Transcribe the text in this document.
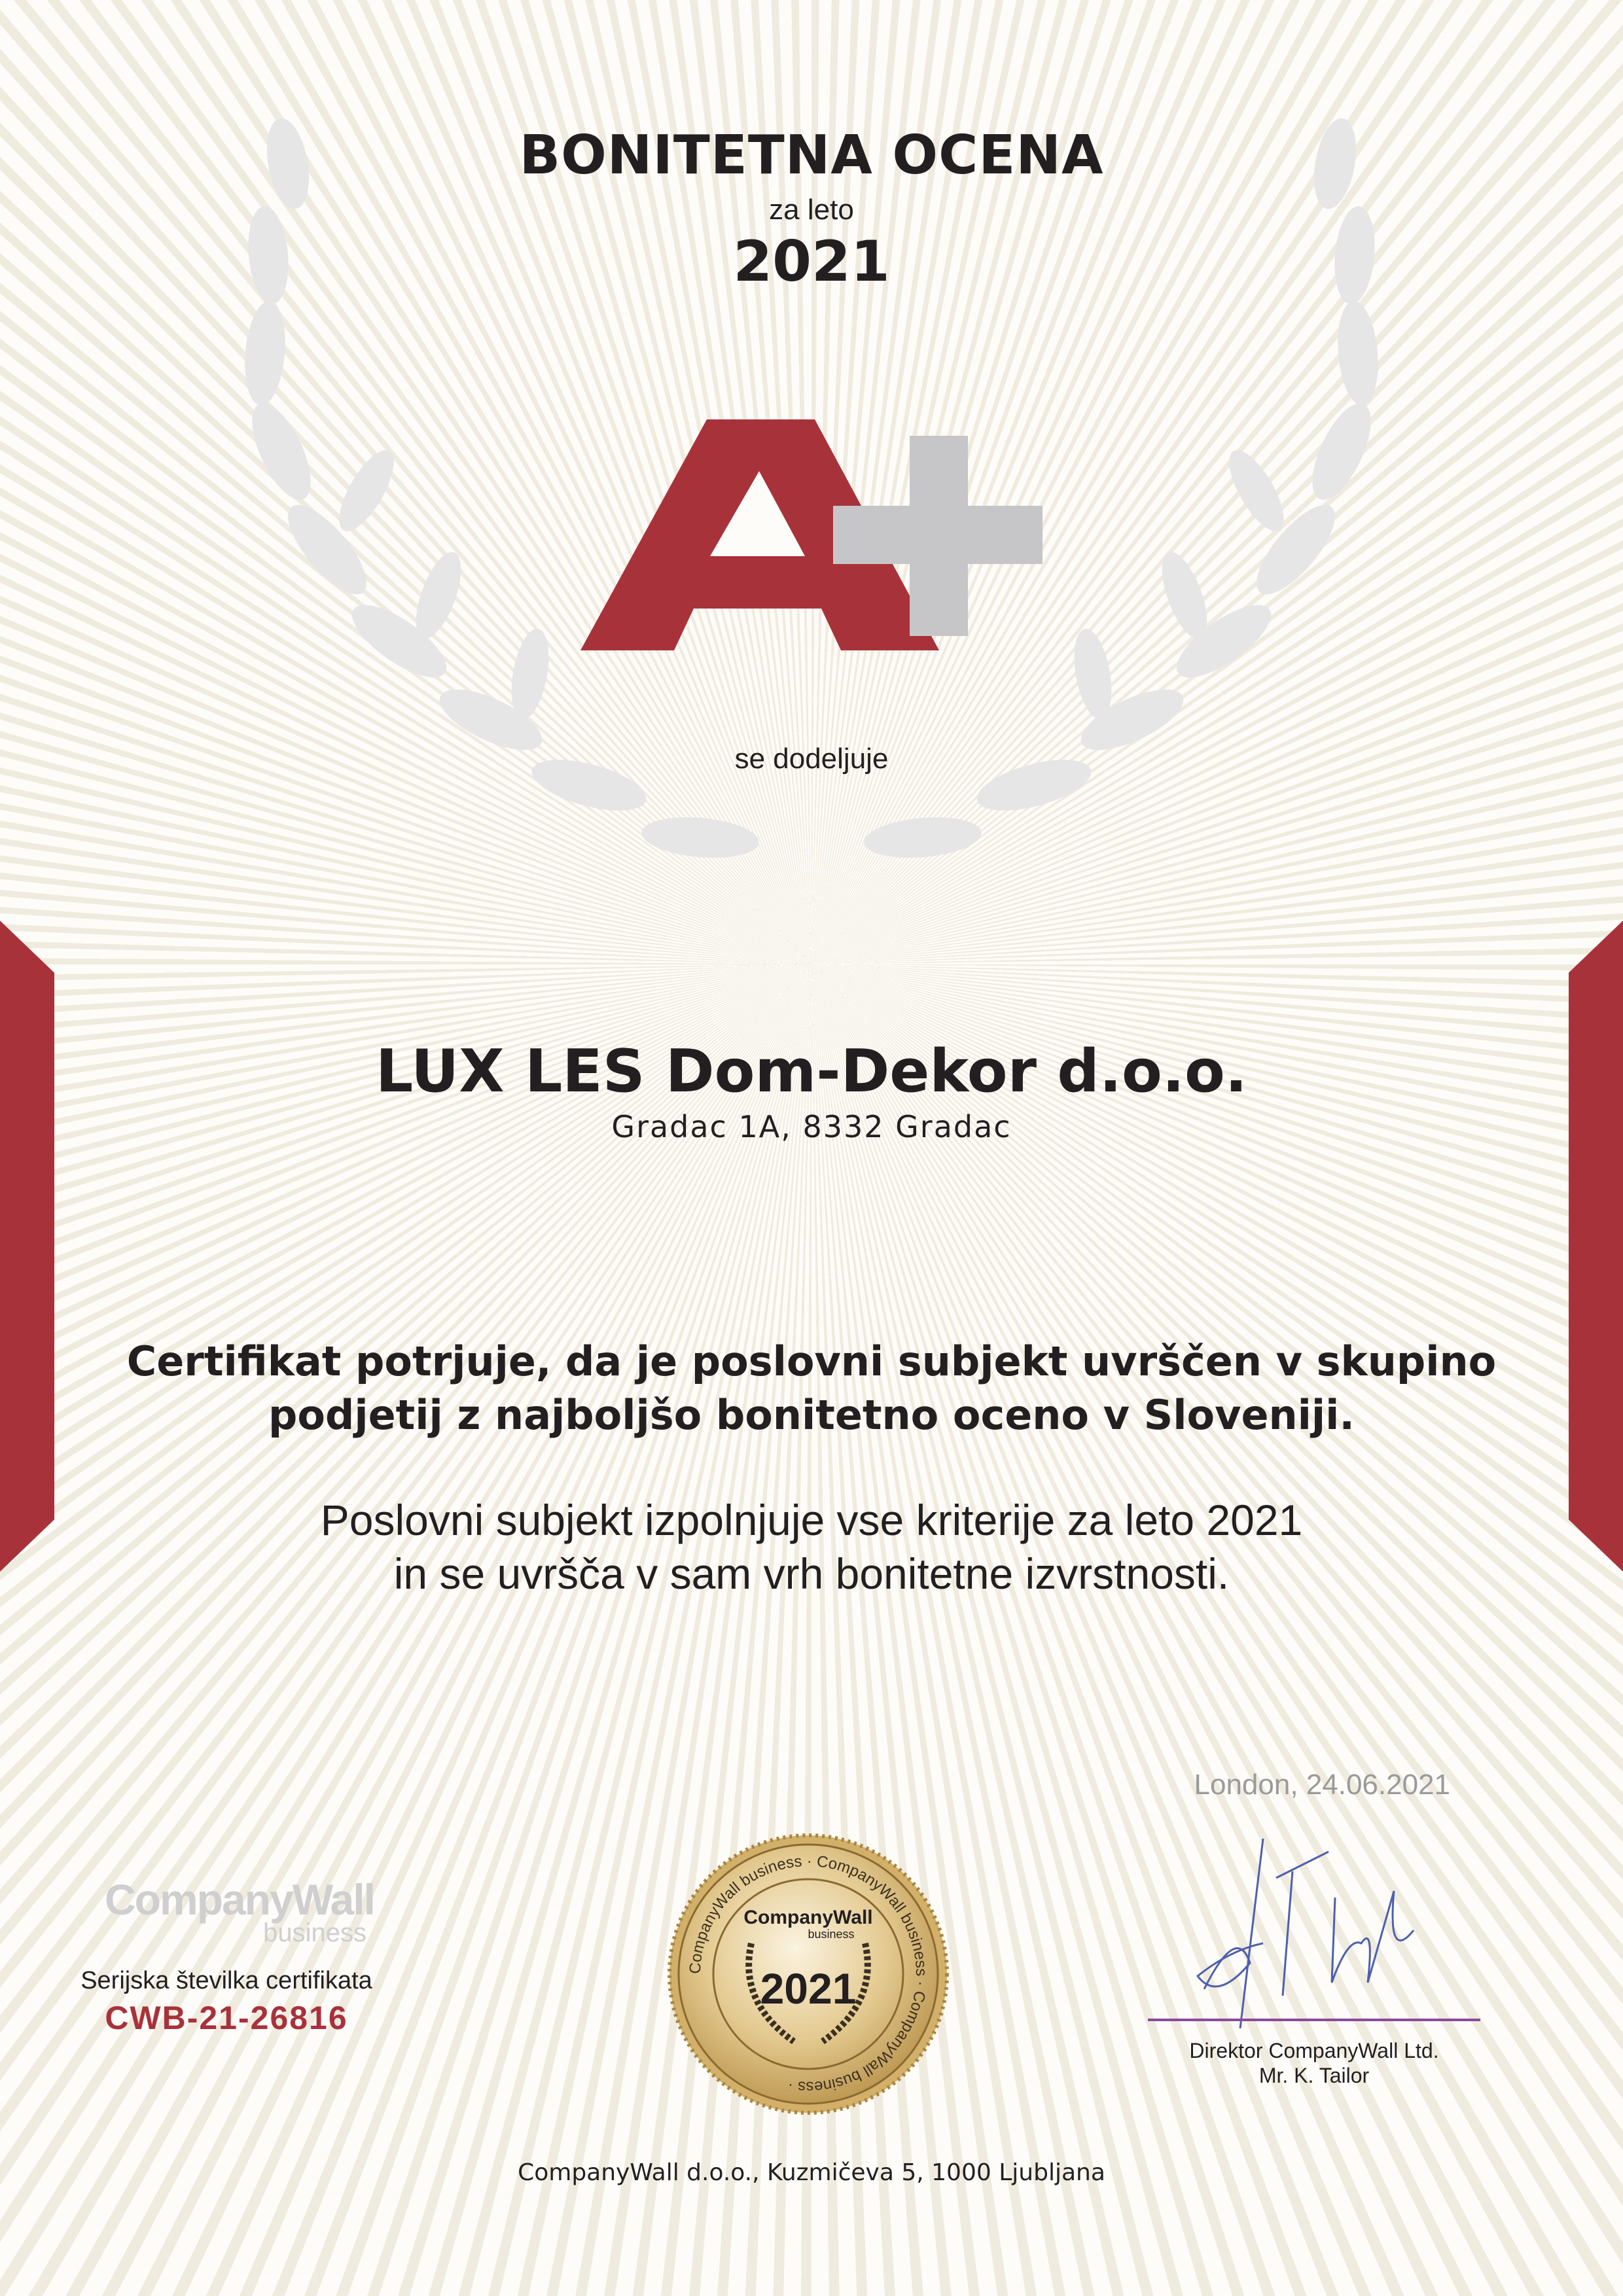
BONITETNA OCENA
za leto
2021
se dodeljuje
LUX LES Dom-Dekor d.o.o.
Gradac 1A, 8332 Gradac
Certifikat potrjuje, da je poslovni subjekt uvrščen v skupino
podjetij z najboljšo bonitetno oceno v Sloveniji.
Poslovni subjekt izpolnjuje vse kriterije za leto 2021
in se uvršča v sam vrh bonitetne izvrstnosti.
London, 24.06.2021
CompanyWall
business
Serijska številka certifikata
CWB-21-26816
CompanyWall business · CompanyWall business · CompanyWall business ·
CompanyWall
business
2021
Direktor CompanyWall Ltd.
Mr. K. Tailor
CompanyWall d.o.o., Kuzmičeva 5, 1000 Ljubljana
